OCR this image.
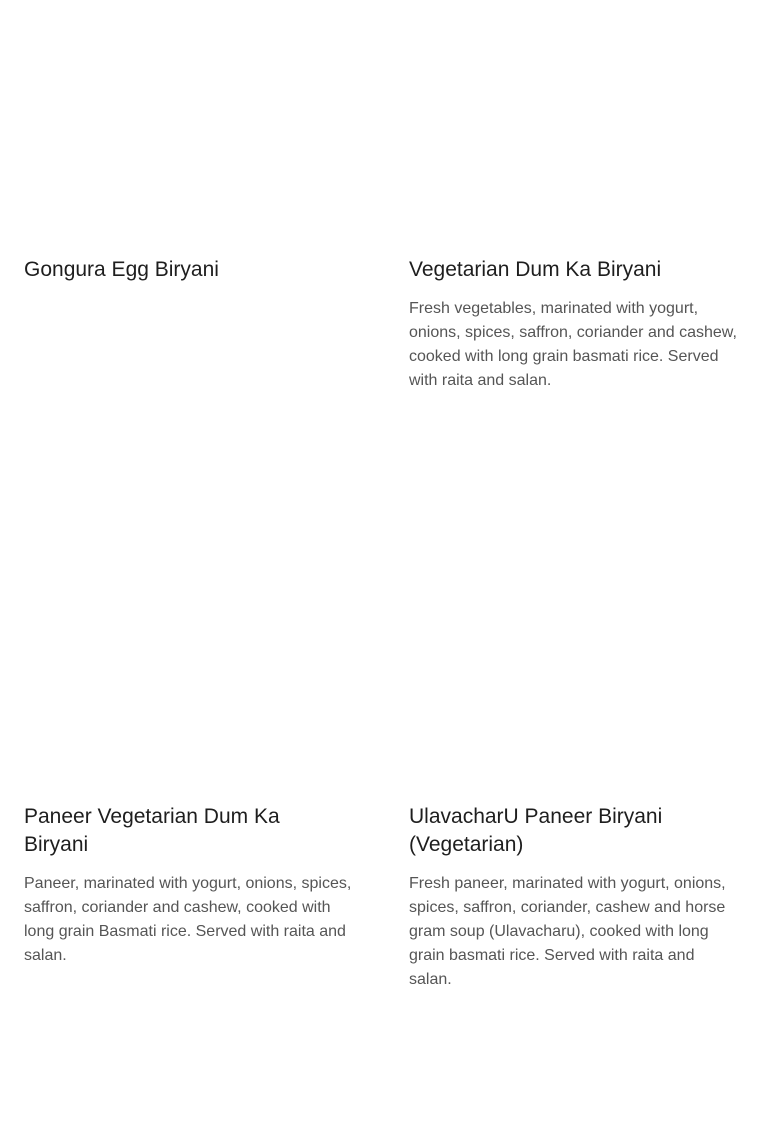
Gongura Egg Biryani	Vegetarian Dum Ka Biryani

Fresh vegetables, marinated with yogurt, onions, spices, saffron, coriander and cashew, cooked with long grain basmati rice. Served with raita and salan.

Paneer Vegetarian Dum Ka Biryani

Paneer, marinated with yogurt, onions, spices, saffron, coriander and cashew, cooked with long grain Basmati rice. Served with raita and salan.

UlavacharU Paneer Biryani (Vegetarian)

Fresh paneer, marinated with yogurt, onions, spices, saffron, coriander, cashew and horse gram soup (Ulavacharu), cooked with long grain basmati rice. Served with raita and salan.
